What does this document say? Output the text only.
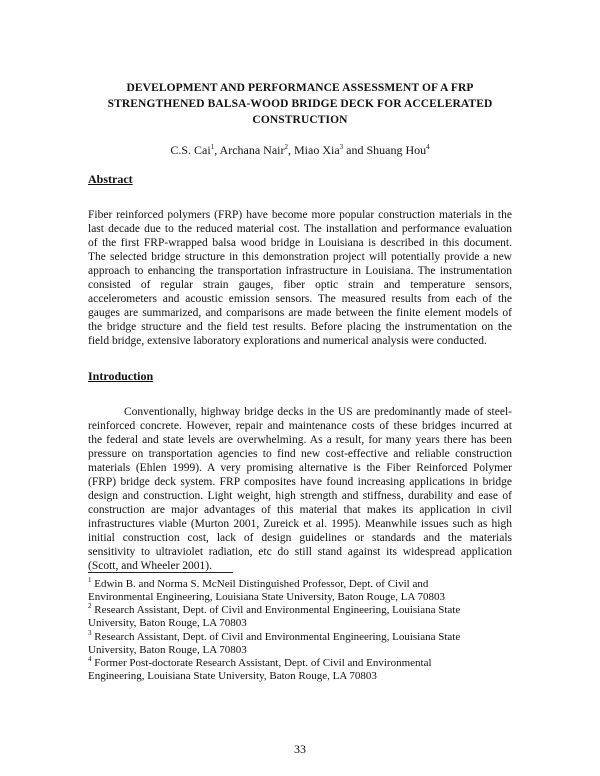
DEVELOPMENT AND PERFORMANCE ASSESSMENT OF A FRP
STRENGTHENED BALSA-WOOD BRIDGE DECK FOR ACCELERATED
CONSTRUCTION
C.S. Cai$^1$, Archana Nair$^2$, Miao Xia$^3$ and Shuang Hou$^4$
Abstract
Fiber reinforced polymers (FRP) have become more popular construction materials in the
last decade due to the reduced material cost. The installation and performance evaluation
of the first FRP-wrapped balsa wood bridge in Louisiana is described in this document.
The selected bridge structure in this demonstration project will potentially provide a new
approach to enhancing the transportation infrastructure in Louisiana. The instrumentation
consisted of regular strain gauges, fiber optic strain and temperature sensors,
accelerometers and acoustic emission sensors. The measured results from each of the
gauges are summarized, and comparisons are made between the finite element models of
the bridge structure and the field test results. Before placing the instrumentation on the
field bridge, extensive laboratory explorations and numerical analysis were conducted.
Introduction
Conventionally, highway bridge decks in the US are predominantly made of steel-
reinforced concrete. However, repair and maintenance costs of these bridges incurred at
the federal and state levels are overwhelming. As a result, for many years there has been
pressure on transportation agencies to find new cost-effective and reliable construction
materials (Ehlen 1999). A very promising alternative is the Fiber Reinforced Polymer
(FRP) bridge deck system. FRP composites have found increasing applications in bridge
design and construction. Light weight, high strength and stiffness, durability and ease of
construction are major advantages of this material that makes its application in civil
infrastructures viable (Murton 2001, Zureick et al. 1995). Meanwhile issues such as high
initial construction cost, lack of design guidelines or standards and the materials
sensitivity to ultraviolet radiation, etc do still stand against its widespread application
(Scott, and Wheeler 2001).
$^1$ Edwin B. and Norma S. McNeil Distinguished Professor, Dept. of Civil and
Environmental Engineering, Louisiana State University, Baton Rouge, LA 70803
$^2$ Research Assistant, Dept. of Civil and Environmental Engineering, Louisiana State
University, Baton Rouge, LA 70803
$^3$ Research Assistant, Dept. of Civil and Environmental Engineering, Louisiana State
University, Baton Rouge, LA 70803
$^4$ Former Post-doctorate Research Assistant, Dept. of Civil and Environmental
Engineering, Louisiana State University, Baton Rouge, LA 70803
33
